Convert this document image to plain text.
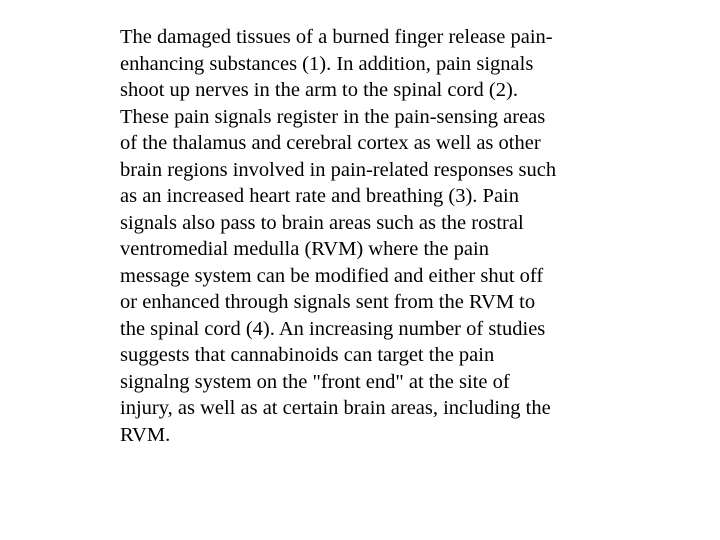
The damaged tissues of a burned finger release pain-
enhancing substances (1). In addition, pain signals
shoot up nerves in the arm to the spinal cord (2).
These pain signals register in the pain-sensing areas
of the thalamus and cerebral cortex as well as other
brain regions involved in pain-related responses such
as an increased heart rate and breathing (3). Pain
signals also pass to brain areas such as the rostral
ventromedial medulla (RVM) where the pain
message system can be modified and either shut off
or enhanced through signals sent from the RVM to
the spinal cord (4). An increasing number of studies
suggests that cannabinoids can target the pain
signalng system on the "front end" at the site of
injury, as well as at certain brain areas, including the
RVM.
